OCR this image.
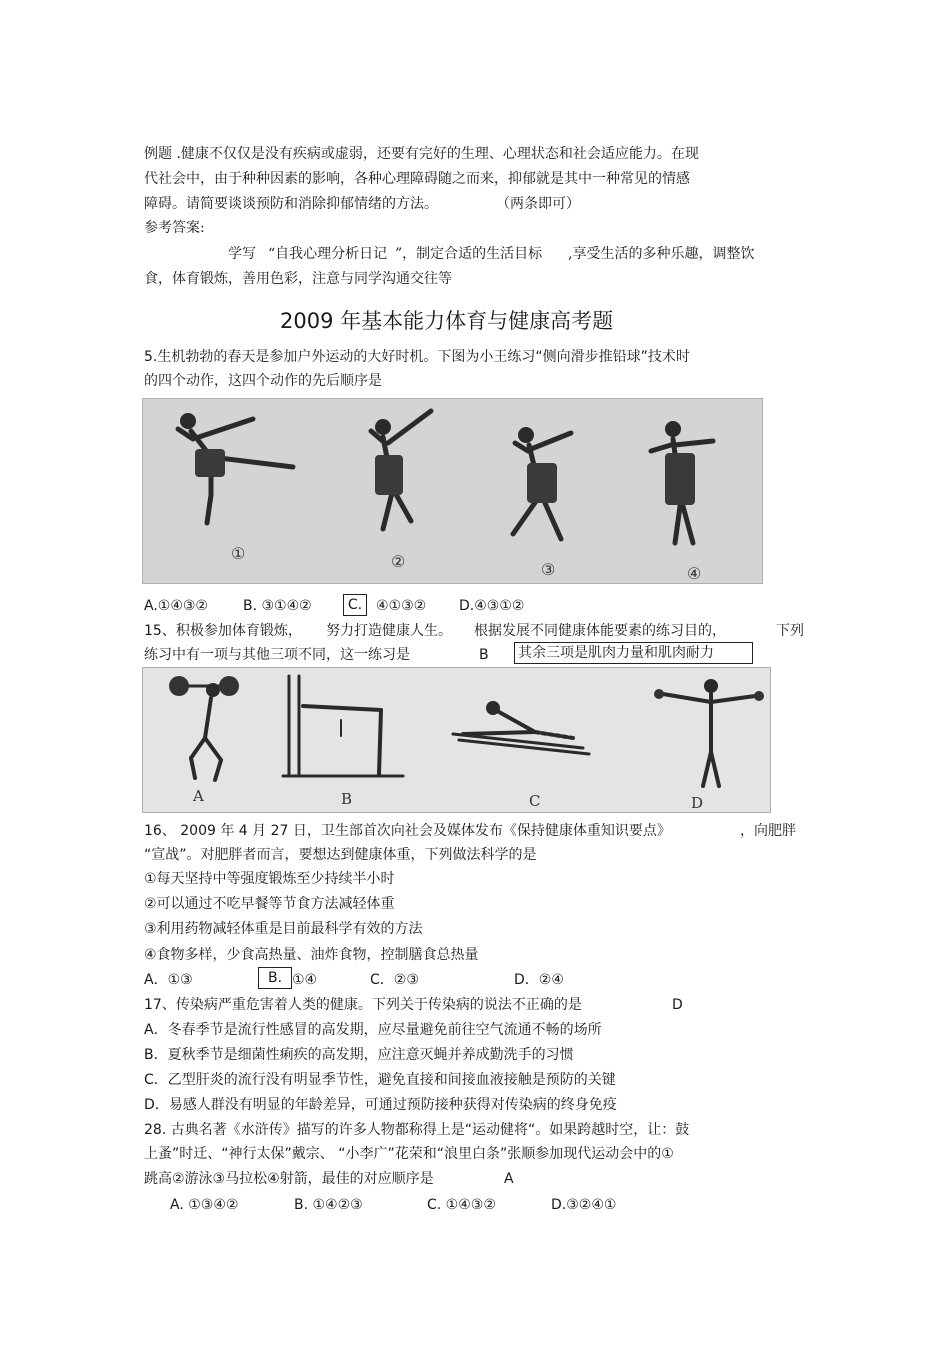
例题 .健康不仅仅是没有疾病或虚弱，还要有完好的生理、心理状态和社会适应能力。在现
代社会中，由于种种因素的影响，各种心理障碍随之而来，抑郁就是其中一种常见的情感
障碍。请简要谈谈预防和消除抑郁情绪的方法。	（两条即可）
参考答案:
学写 “自我心理分析日记 ”，制定合适的生活目标 ,享受生活的多种乐趣，调整饮
食，体育锻炼，善用色彩，注意与同学沟通交往等
2009 年基本能力体育与健康高考题
5.生机勃勃的春天是参加户外运动的大好时机。下图为小王练习“侧向滑步推铅球”技术时
的四个动作，这四个动作的先后顺序是
①	②	③	④
A.①④③②	B. ③①④②	C. ④①③② D.④③①②
15、积极参加体育锻炼， 努力打造健康人生。 根据发展不同健康体能要素的练习目的，	下列
练习中有一项与其他三项不同，这一练习是	B 其余三项是肌肉力量和肌肉耐力
A	B	C	D
16、 2009 年 4 月 27 日，卫生部首次向社会及媒体发布《保持健康体重知识要点》	，向肥胖
“宣战”。对肥胖者而言，要想达到健康体重，下列做法科学的是
①每天坚持中等强度锻炼至少持续半小时
②可以通过不吃早餐等节食方法减轻体重
③利用药物减轻体重是目前最科学有效的方法
④食物多样，少食高热量、油炸食物，控制膳食总热量
A．①③	B. ①④	C．②③	D．②④
17、传染病严重危害着人类的健康。下列关于传染病的说法不正确的是	D
A．冬春季节是流行性感冒的高发期，应尽量避免前往空气流通不畅的场所
B．夏秋季节是细菌性痢疾的高发期，应注意灭蝇并养成勤洗手的习惯
C．乙型肝炎的流行没有明显季节性，避免直接和间接血液接触是预防的关键
D．易感人群没有明显的年龄差异，可通过预防接种获得对传染病的终身免疫
28. 古典名著《水浒传》描写的许多人物都称得上是“运动健将“。如果跨越时空，让：鼓
上蚤”时迁、“神行太保”戴宗、 “小李广”花荣和“浪里白条”张顺参加现代运动会中的①
跳高②游泳③马拉松④射箭，最佳的对应顺序是	A
A. ①③④②	B. ①④②③	C. ①④③②	D.③②④①
